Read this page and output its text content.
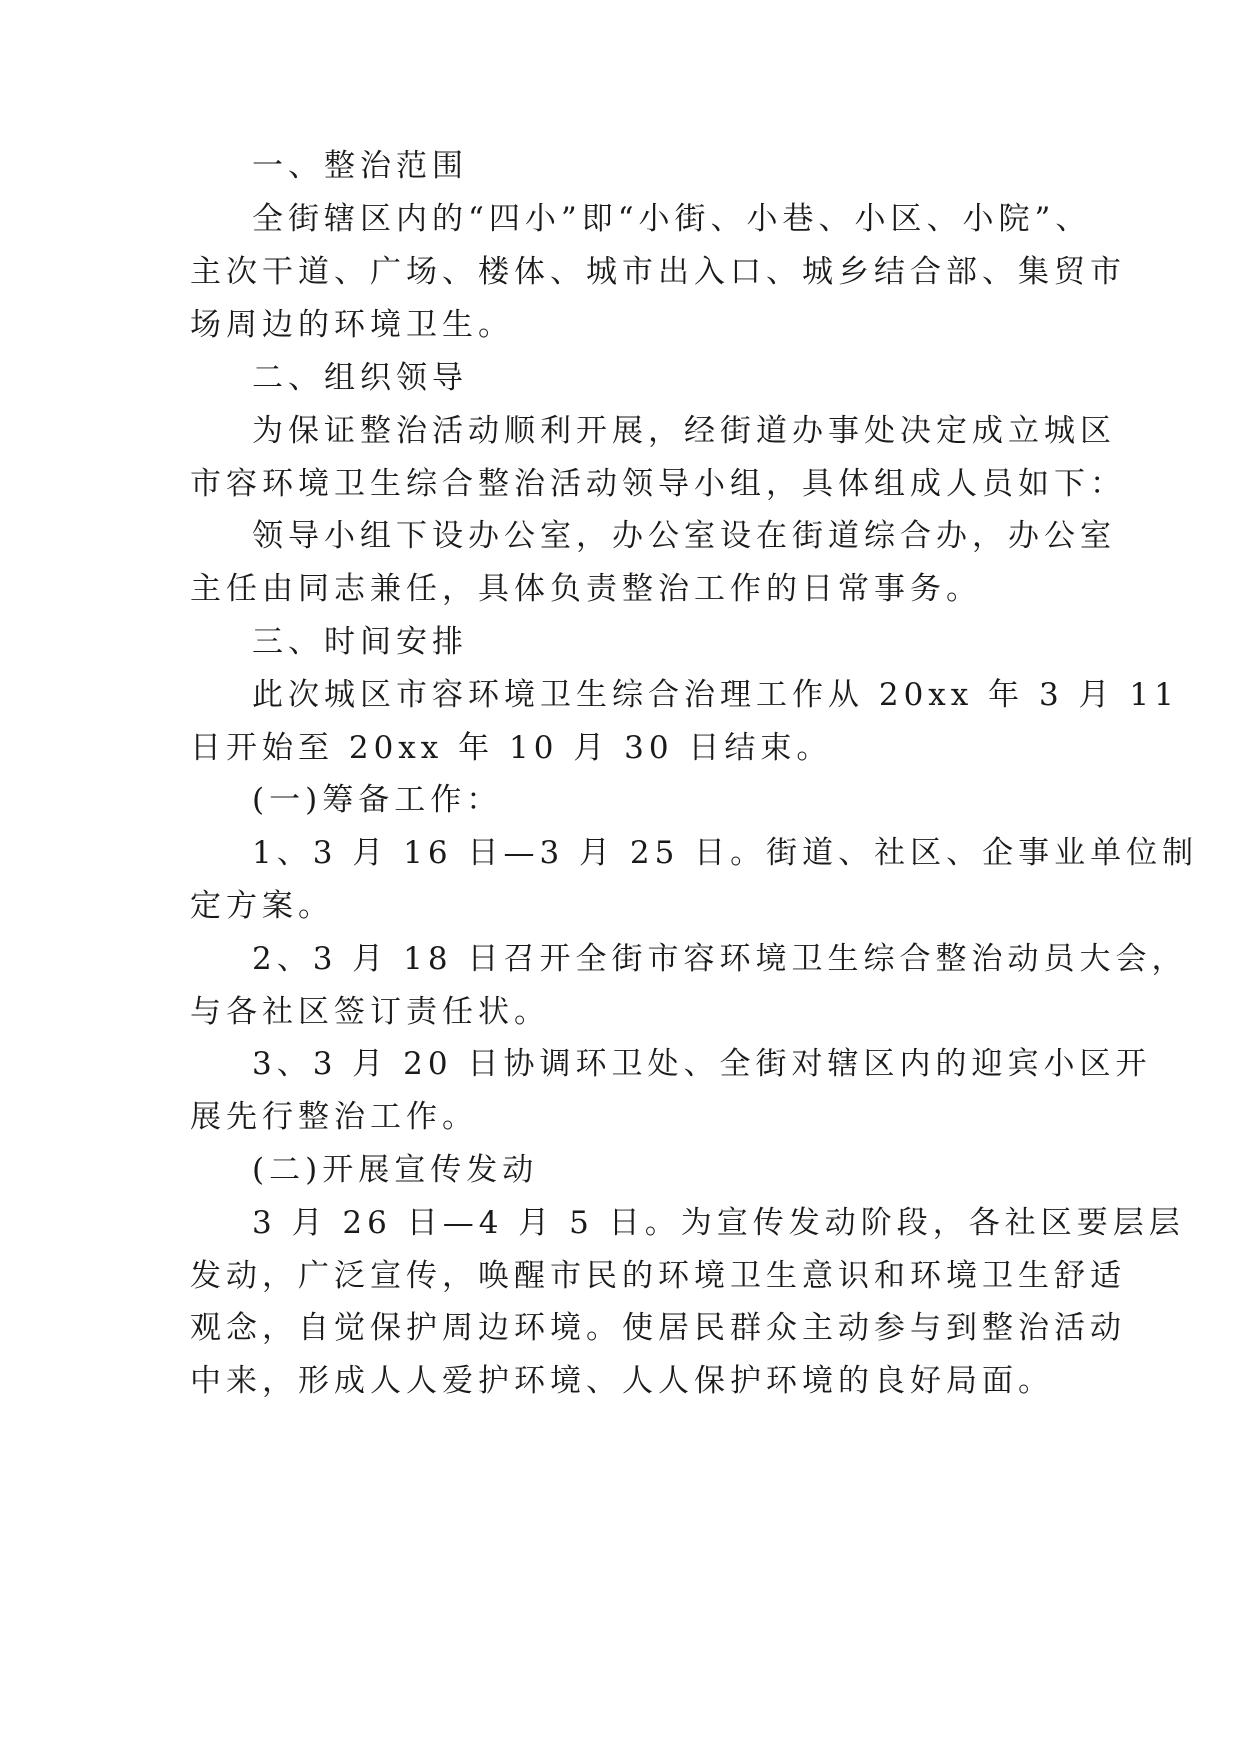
一、整治范围
全街辖区内的“四小”即“小街、小巷、小区、小院”、
主次干道、广场、楼体、城市出入口、城乡结合部、集贸市
场周边的环境卫生。
二、组织领导
为保证整治活动顺利开展，经街道办事处决定成立城区
市容环境卫生综合整治活动领导小组，具体组成人员如下：
领导小组下设办公室，办公室设在街道综合办，办公室
主任由同志兼任，具体负责整治工作的日常事务。
三、时间安排
此次城区市容环境卫生综合治理工作从 20xx 年 3 月 11
日开始至 20xx 年 10 月 30 日结束。
(一)筹备工作：
1、3 月 16 日—3 月 25 日。街道、社区、企事业单位制
定方案。
2、3 月 18 日召开全街市容环境卫生综合整治动员大会，
与各社区签订责任状。
3、3 月 20 日协调环卫处、全街对辖区内的迎宾小区开
展先行整治工作。
(二)开展宣传发动
3 月 26 日—4 月 5 日。为宣传发动阶段，各社区要层层
发动，广泛宣传，唤醒市民的环境卫生意识和环境卫生舒适
观念，自觉保护周边环境。使居民群众主动参与到整治活动
中来，形成人人爱护环境、人人保护环境的良好局面。
